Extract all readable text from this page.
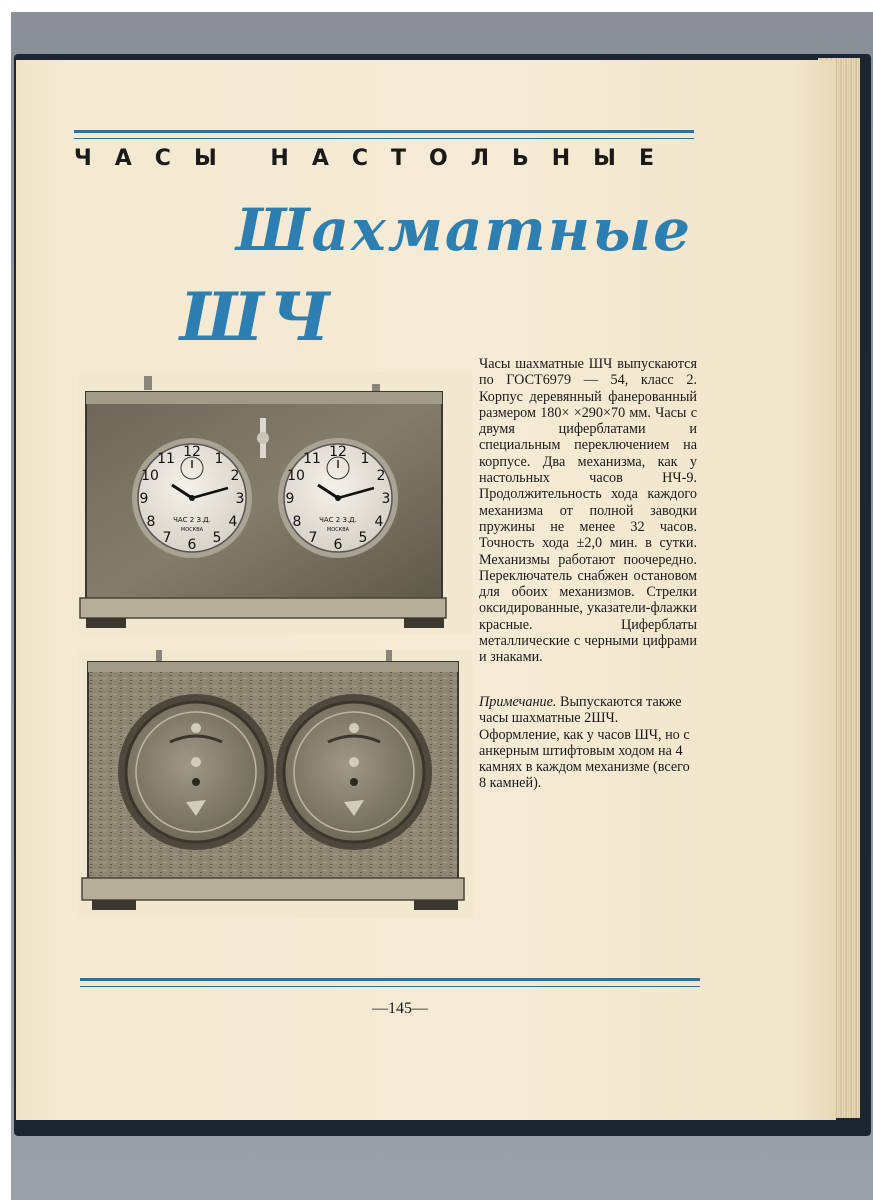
ЧАСЫ НАСТОЛЬНЫЕ

Шахматные

ШЧ

12 1
2
3
4
5
6
7
8
9
10
11
ЧАС 2 З.Д.
МОСКВА
12 1
2
3
4
5
6
7
8
9
10
11
ЧАС 2 З.Д.
МОСКВА

Часы шахматные ШЧ выпускаются по ГОСТ6979 — 54, класс 2. Корпус деревянный фанерованный размером 180× ×290×70 мм. Часы с двумя циферблатами и специальным переключением на корпусе. Два механизма, как у настольных часов НЧ-9. Продолжительность хода каждого механизма от полной заводки пружины не менее 32 часов. Точность хода ±2,0 мин. в сутки. Механизмы работают поочередно. Переключатель снабжен остановом для обоих механизмов. Стрелки оксидированные, указатели-флажки красные. Циферблаты металлические с черными цифрами и знаками.

Примечание. Выпускаются также часы шахматные 2ШЧ. Оформление, как у часов ШЧ, но с анкерным штифтовым ходом на 4 камнях в каждом механизме (всего 8 камней).

—145—
